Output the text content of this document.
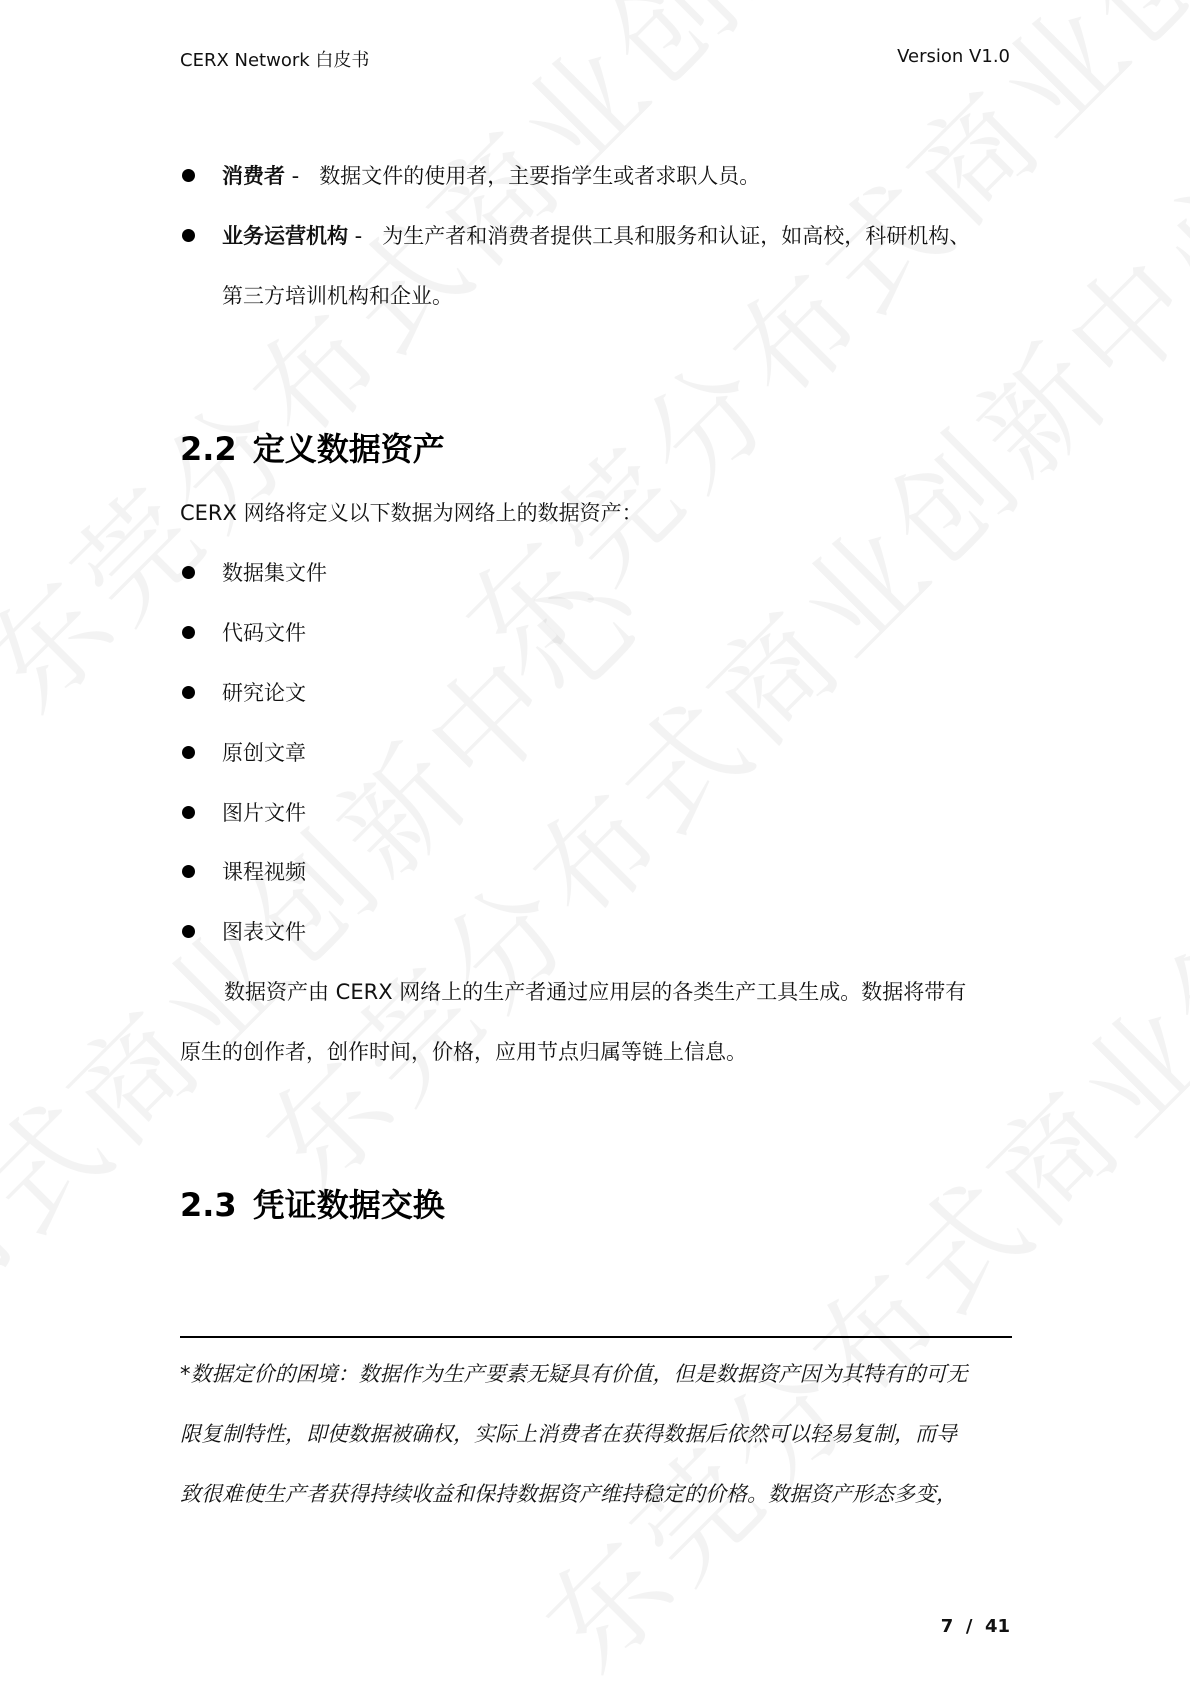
CERX Network 白皮书	Version V1.0
消费者 -   数据文件的使用者，主要指学生或者求职人员。
业务运营机构 -   为生产者和消费者提供工具和服务和认证，如高校，科研机构、
第三方培训机构和企业。
2.2 定义数据资产
CERX 网络将定义以下数据为网络上的数据资产：
数据集文件
代码文件
研究论文
原创文章
图片文件
课程视频
图表文件
数据资产由 CERX 网络上的生产者通过应用层的各类生产工具生成。数据将带有
原生的创作者，创作时间，价格，应用节点归属等链上信息。
2.3 凭证数据交换
*数据定价的困境：数据作为生产要素无疑具有价值，但是数据资产因为其特有的可无
限复制特性，即使数据被确权，实际上消费者在获得数据后依然可以轻易复制，而导
致很难使生产者获得持续收益和保持数据资产维持稳定的价格。数据资产形态多变，
7  /  41
